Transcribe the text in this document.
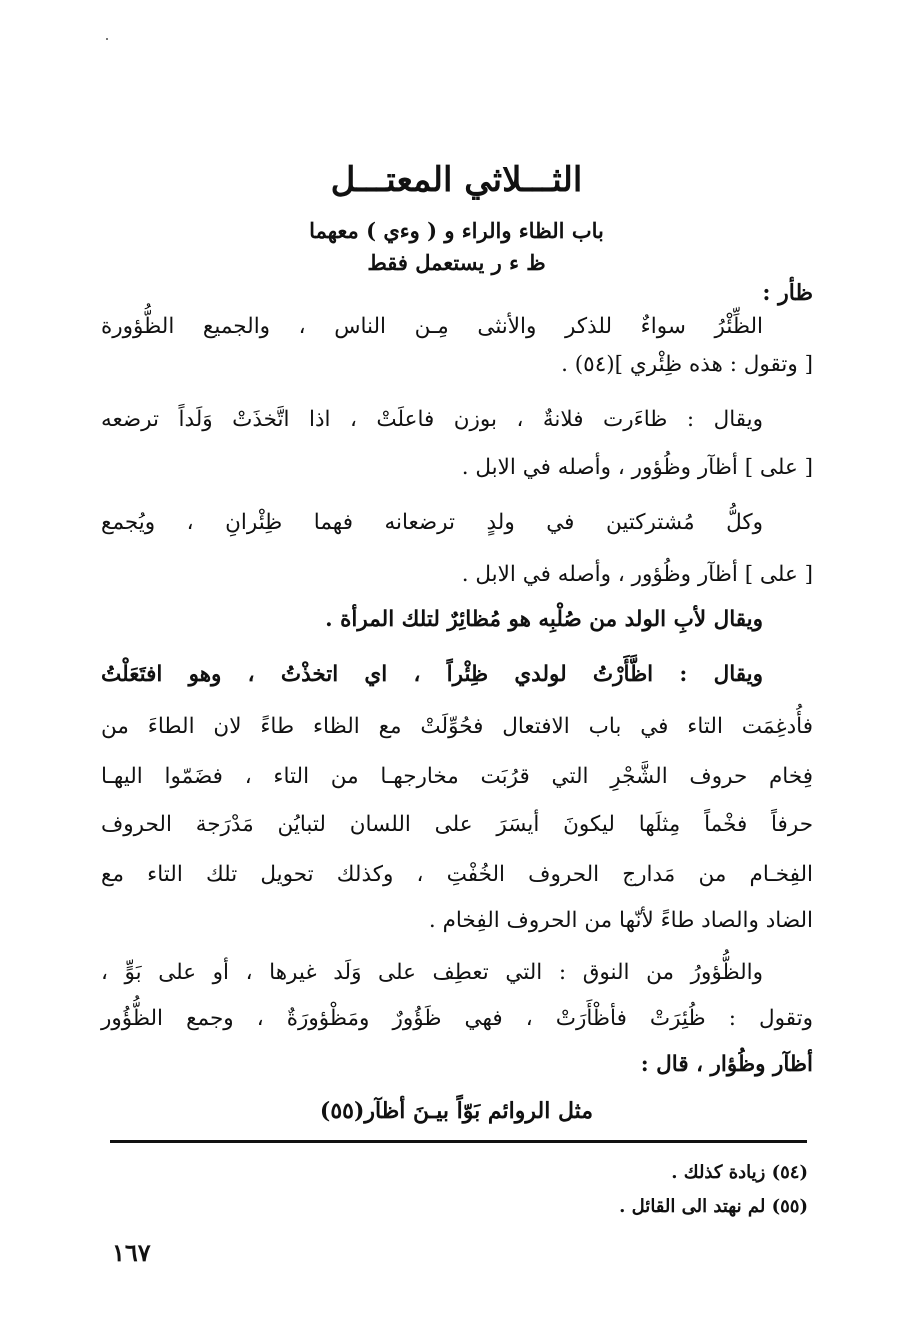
الثـــلاثي المعتـــل
باب الظاء والراء و ( وءي ) معهما
ظ ء ر يستعمل فقط
ظأر :
الظِّئْرُ سواءٌ للذكر والأنثى مِـن الناس ، والجميع الظُّؤورة
[ وتقول : هذه ظِئْري ](٥٤) .
ويقال : ظاءَرت فلانةٌ ، بوزن فاعلَتْ ، اذا اتَّخذَتْ وَلَداً ترضعه
[ على ] أظآر وظُؤور ، وأصله في الابل .
وكلُّ مُشتركتين في ولدٍ ترضعانه فهما ظِئْرانِ ، ويُجمع
[ على ] أظآر وظُؤور ، وأصله في الابل .
ويقال لأبِ الولد من صُلْبِه هو مُظائِرٌ لتلك المرأة .
ويقال : اظَّأَرْتُ لولدي ظِئْراً ، اي اتخذْتُ ، وهو افتَعَلْتُ
فأُدغِمَت التاء في باب الافتعال فحُوِّلَتْ مع الظاء طاءً لان الطاءَ من
فِخام حروف الشَّجْرِ التي قرُبَت مخارجهـا من التاء ، فضَمّوا اليهـا
حرفاً فخْماً مِثلَها ليكونَ أيسَرَ على اللسان لتبايُن مَدْرَجة الحروف
الفِخـام من مَدارج الحروف الخُفْتِ ، وكذلك تحويل تلك التاء مع
الضاد والصاد طاءً لأنّها من الحروف الفِخام .
والظُّؤورُ من النوق : التي تعطِف على وَلَد غيرها ، أو على بَوٍّ ،
وتقول : ظُئِرَتْ فأظْأَرَتْ ، فهي ظَؤُورٌ ومَظْؤورَةٌ ، وجمع الظُّؤُور
أظآر وظُؤار ، قال :
مثل الروائم بَوّاً بيـنَ أظآر(٥٥)
(٥٤) زيادة كذلك .
(٥٥) لم نهتد الى القائل .
١٦٧
